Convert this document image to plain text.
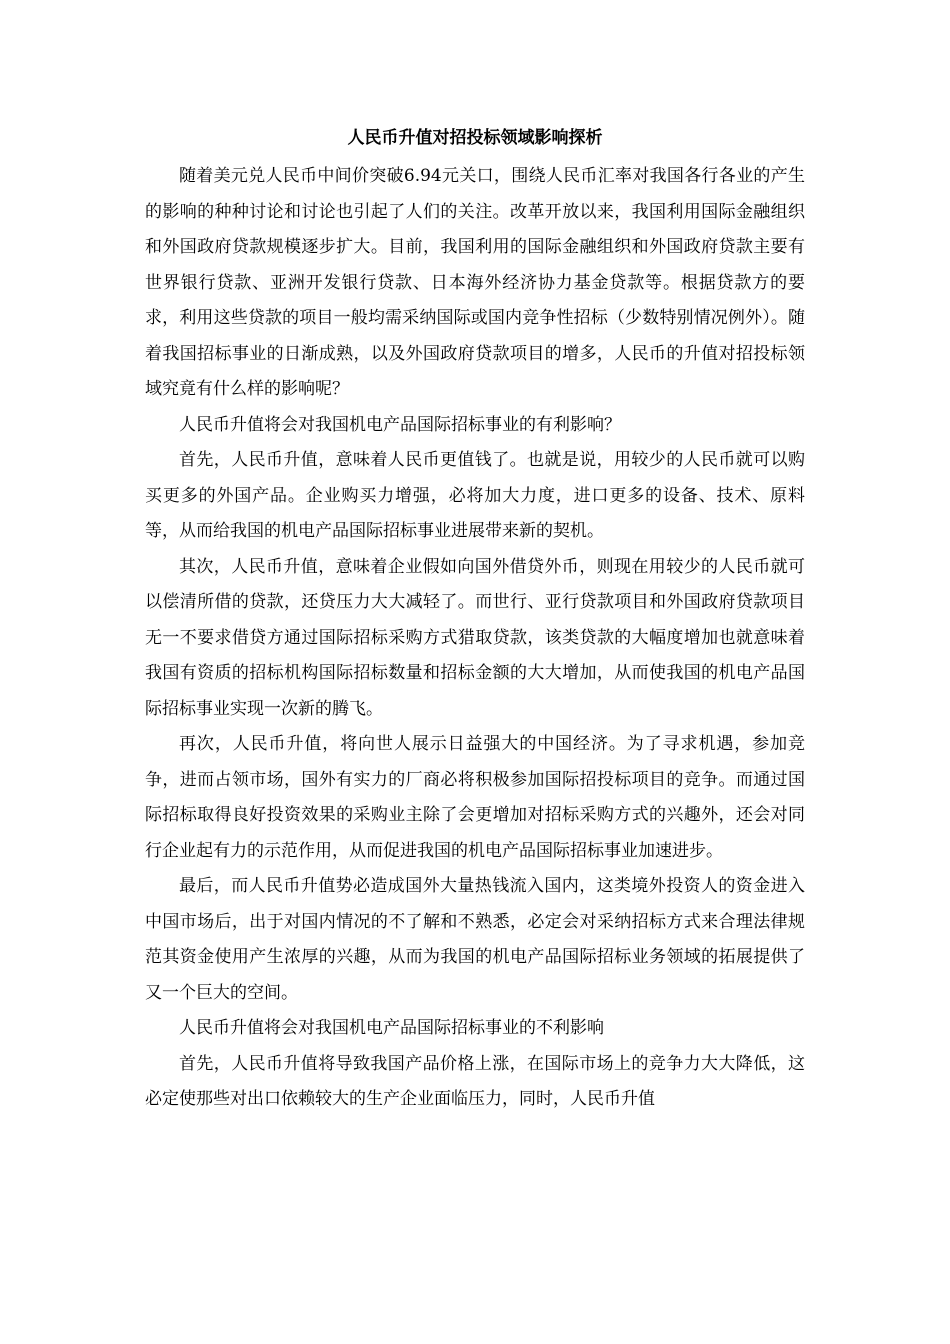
人民币升值对招投标领域影响探析

随着美元兑人民币中间价突破6.94元关口，围绕人民币汇率对我国各行各业的产生的影响的种种讨论和讨论也引起了人们的关注。改革开放以来，我国利用国际金融组织和外国政府贷款规模逐步扩大。目前，我国利用的国际金融组织和外国政府贷款主要有世界银行贷款、亚洲开发银行贷款、日本海外经济协力基金贷款等。根据贷款方的要求，利用这些贷款的项目一般均需采纳国际或国内竞争性招标（少数特别情况例外）。随着我国招标事业的日渐成熟，以及外国政府贷款项目的增多，人民币的升值对招投标领域究竟有什么样的影响呢？

人民币升值将会对我国机电产品国际招标事业的有利影响？

首先，人民币升值，意味着人民币更值钱了。也就是说，用较少的人民币就可以购买更多的外国产品。企业购买力增强，必将加大力度，进口更多的设备、技术、原料等，从而给我国的机电产品国际招标事业进展带来新的契机。

其次，人民币升值，意味着企业假如向国外借贷外币，则现在用较少的人民币就可以偿清所借的贷款，还贷压力大大减轻了。而世行、亚行贷款项目和外国政府贷款项目无一不要求借贷方通过国际招标采购方式猎取贷款，该类贷款的大幅度增加也就意味着我国有资质的招标机构国际招标数量和招标金额的大大增加，从而使我国的机电产品国际招标事业实现一次新的腾飞。

再次，人民币升值，将向世人展示日益强大的中国经济。为了寻求机遇，参加竞争，进而占领市场，国外有实力的厂商必将积极参加国际招投标项目的竞争。而通过国际招标取得良好投资效果的采购业主除了会更增加对招标采购方式的兴趣外，还会对同行企业起有力的示范作用，从而促进我国的机电产品国际招标事业加速进步。

最后，而人民币升值势必造成国外大量热钱流入国内，这类境外投资人的资金进入中国市场后，出于对国内情况的不了解和不熟悉，必定会对采纳招标方式来合理法律规范其资金使用产生浓厚的兴趣，从而为我国的机电产品国际招标业务领域的拓展提供了又一个巨大的空间。

人民币升值将会对我国机电产品国际招标事业的不利影响

首先，人民币升值将导致我国产品价格上涨，在国际市场上的竞争力大大降低，这必定使那些对出口依赖较大的生产企业面临压力，同时，人民币升值
